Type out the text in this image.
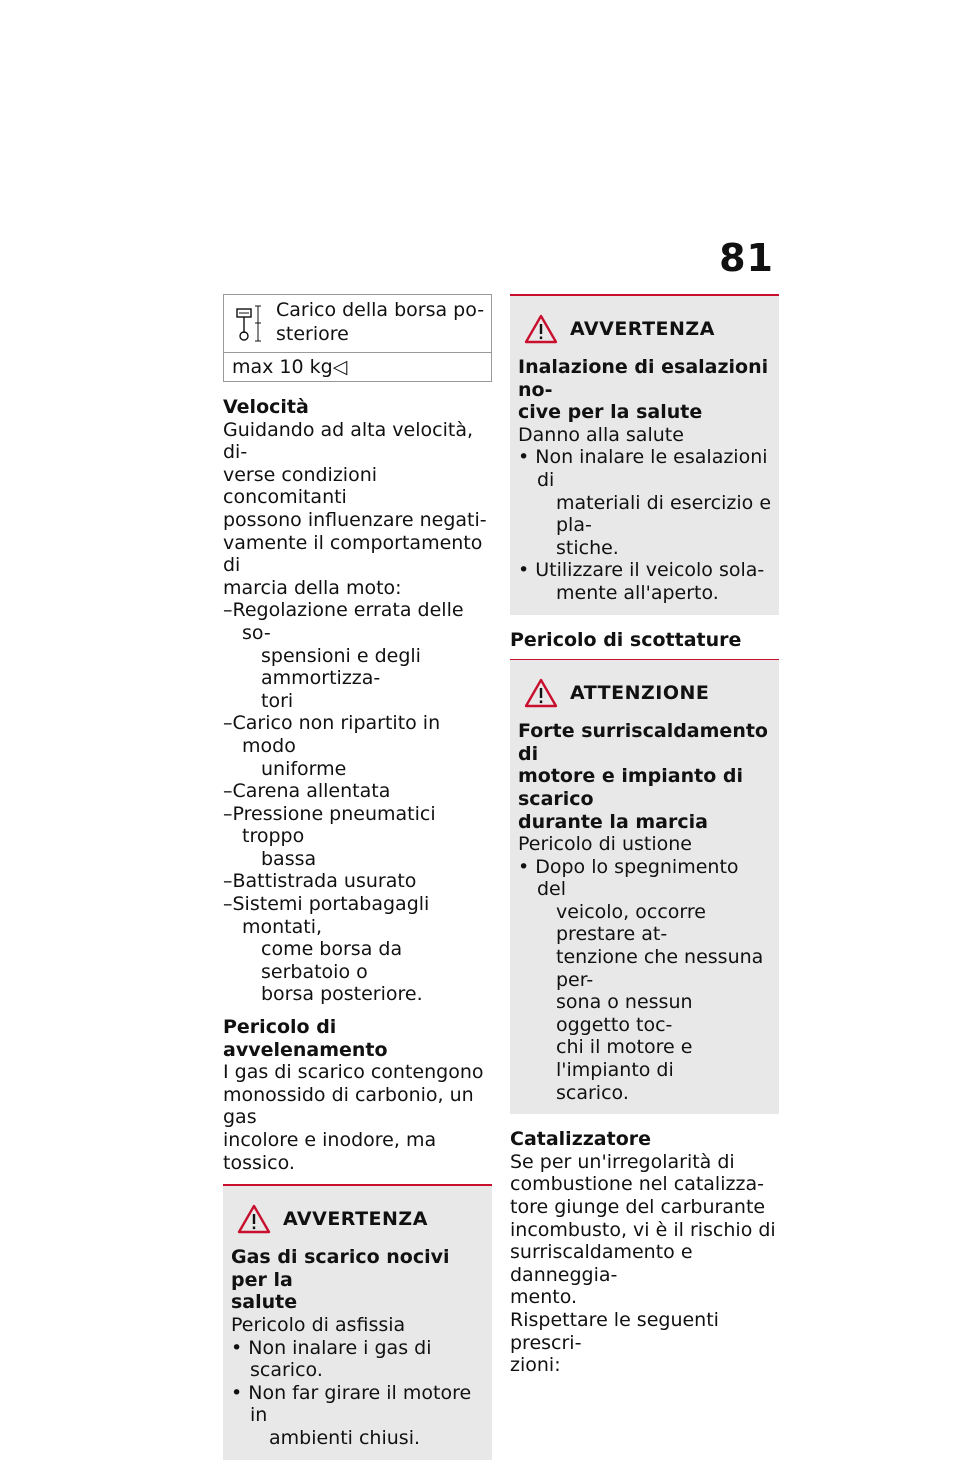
81
Carico della borsa po-
steriore
max 10 kg◁
Velocità
Guidando ad alta velocità, di-
verse condizioni concomitanti
possono influenzare negati-
vamente il comportamento di
marcia della moto:
–Regolazione errata delle so-
spensioni e degli ammortizza-
tori
–Carico non ripartito in modo
uniforme
–Carena allentata
–Pressione pneumatici troppo
bassa
–Battistrada usurato
–Sistemi portabagagli montati,
come borsa da serbatoio o
borsa posteriore.
Pericolo di avvelenamento
I gas di scarico contengono
monossido di carbonio, un gas
incolore e inodore, ma tossico.
AVVERTENZA
Gas di scarico nocivi per la
salute
Pericolo di asfissia
• Non inalare i gas di scarico.
• Non far girare il motore in
ambienti chiusi.
AVVERTENZA
Inalazione di esalazioni no-
cive per la salute
Danno alla salute
• Non inalare le esalazioni di
materiali di esercizio e pla-
stiche.
• Utilizzare il veicolo sola-
mente all'aperto.
Pericolo di scottature
ATTENZIONE
Forte surriscaldamento di
motore e impianto di scarico
durante la marcia
Pericolo di ustione
• Dopo lo spegnimento del
veicolo, occorre prestare at-
tenzione che nessuna per-
sona o nessun oggetto toc-
chi il motore e l'impianto di
scarico.
Catalizzatore
Se per un'irregolarità di
combustione nel catalizza-
tore giunge del carburante
incombusto, vi è il rischio di
surriscaldamento e danneggia-
mento.
Rispettare le seguenti prescri-
zioni:
